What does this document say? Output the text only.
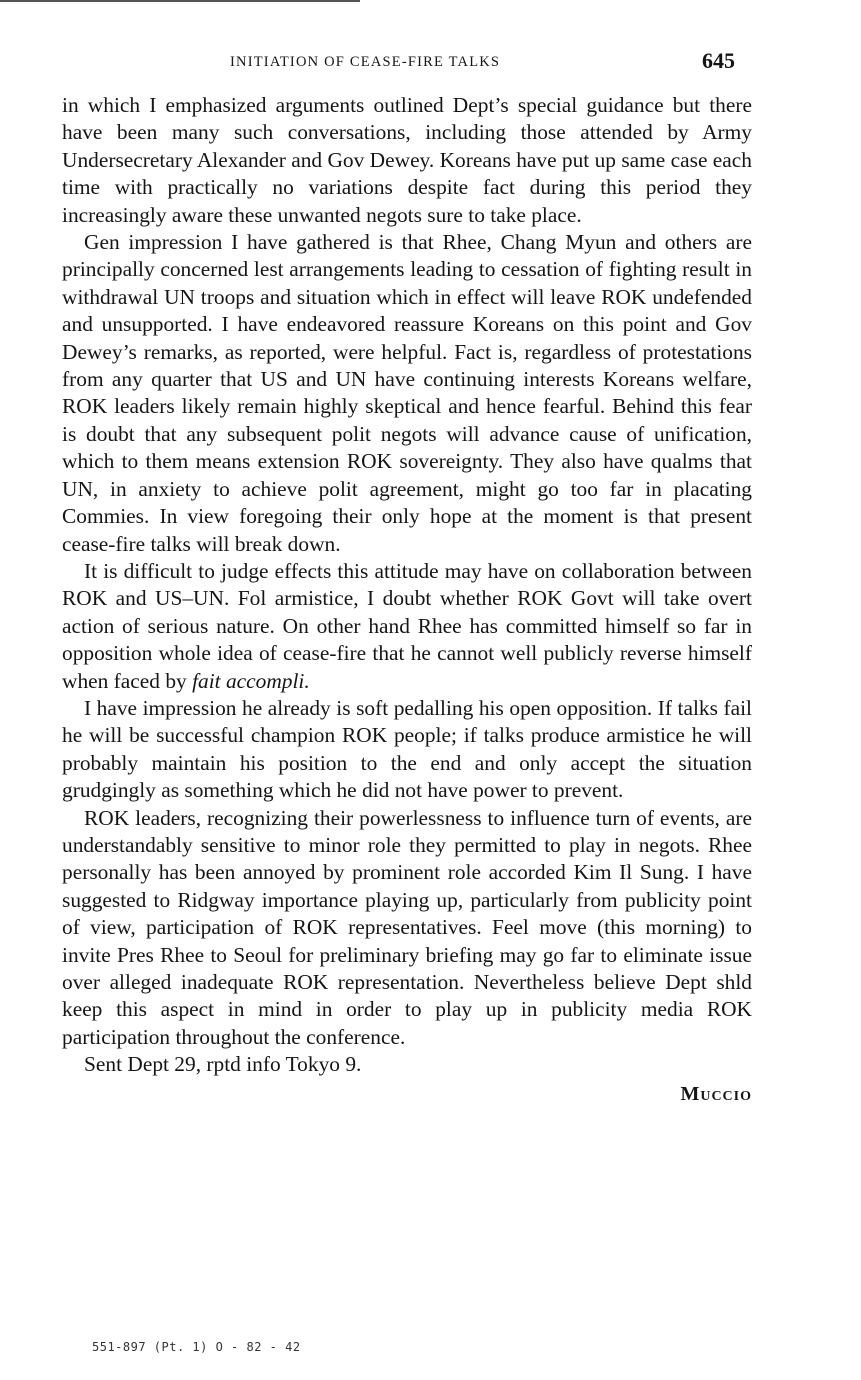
INITIATION OF CEASE-FIRE TALKS	645

in which I emphasized arguments outlined Dept’s special guidance but there have been many such conversations, including those attended by Army Undersecretary Alexander and Gov Dewey. Koreans have put up same case each time with practically no variations despite fact during this period they increasingly aware these unwanted negots sure to take place.

Gen impression I have gathered is that Rhee, Chang Myun and others are principally concerned lest arrangements leading to cessation of fighting result in withdrawal UN troops and situation which in effect will leave ROK undefended and unsupported. I have endeavored reassure Koreans on this point and Gov Dewey’s remarks, as reported, were helpful. Fact is, regardless of protestations from any quarter that US and UN have continuing interests Koreans welfare, ROK leaders likely remain highly skeptical and hence fearful. Behind this fear is doubt that any subsequent polit negots will advance cause of unification, which to them means extension ROK sovereignty. They also have qualms that UN, in anxiety to achieve polit agreement, might go too far in placating Commies. In view foregoing their only hope at the moment is that present cease-fire talks will break down.

It is difficult to judge effects this attitude may have on collaboration between ROK and US–UN. Fol armistice, I doubt whether ROK Govt will take overt action of serious nature. On other hand Rhee has committed himself so far in opposition whole idea of cease-fire that he cannot well publicly reverse himself when faced by fait accompli.

I have impression he already is soft pedalling his open opposition. If talks fail he will be successful champion ROK people; if talks produce armistice he will probably maintain his position to the end and only accept the situation grudgingly as something which he did not have power to prevent.

ROK leaders, recognizing their powerlessness to influence turn of events, are understandably sensitive to minor role they permitted to play in negots. Rhee personally has been annoyed by prominent role accorded Kim Il Sung. I have suggested to Ridgway importance playing up, particularly from publicity point of view, participation of ROK representatives. Feel move (this morning) to invite Pres Rhee to Seoul for preliminary briefing may go far to eliminate issue over alleged inadequate ROK representation. Nevertheless believe Dept shld keep this aspect in mind in order to play up in publicity media ROK participation throughout the conference.

Sent Dept 29, rptd info Tokyo 9.

Muccio
551-897 (Pt. 1) O - 82 - 42
